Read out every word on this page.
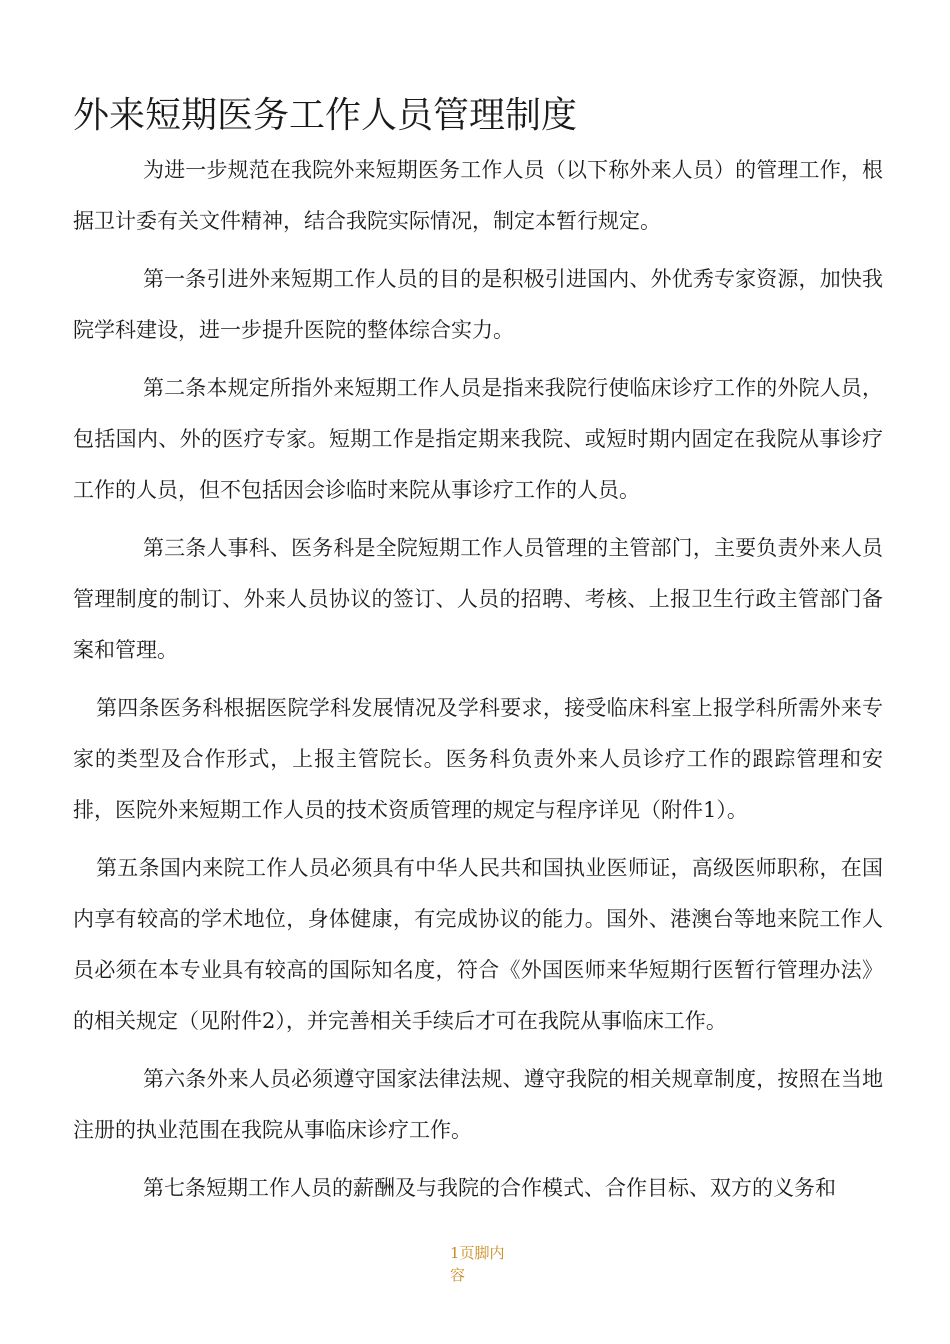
外来短期医务工作人员管理制度

为进一步规范在我院外来短期医务工作人员（以下称外来人员）的管理工作，根据卫计委有关文件精神，结合我院实际情况，制定本暂行规定。

第一条引进外来短期工作人员的目的是积极引进国内、外优秀专家资源，加快我院学科建设，进一步提升医院的整体综合实力。

第二条本规定所指外来短期工作人员是指来我院行使临床诊疗工作的外院人员，包括国内、外的医疗专家。短期工作是指定期来我院、或短时期内固定在我院从事诊疗工作的人员，但不包括因会诊临时来院从事诊疗工作的人员。

第三条人事科、医务科是全院短期工作人员管理的主管部门，主要负责外来人员管理制度的制订、外来人员协议的签订、人员的招聘、考核、上报卫生行政主管部门备案和管理。

第四条医务科根据医院学科发展情况及学科要求，接受临床科室上报学科所需外来专家的类型及合作形式，上报主管院长。医务科负责外来人员诊疗工作的跟踪管理和安排，医院外来短期工作人员的技术资质管理的规定与程序详见（附件1）。

第五条国内来院工作人员必须具有中华人民共和国执业医师证，高级医师职称，在国内享有较高的学术地位，身体健康，有完成协议的能力。国外、港澳台等地来院工作人员必须在本专业具有较高的国际知名度，符合《外国医师来华短期行医暂行管理办法》的相关规定（见附件2），并完善相关手续后才可在我院从事临床工作。

第六条外来人员必须遵守国家法律法规、遵守我院的相关规章制度，按照在当地注册的执业范围在我院从事临床诊疗工作。

第七条短期工作人员的薪酬及与我院的合作模式、合作目标、双方的义务和

1页脚内容
